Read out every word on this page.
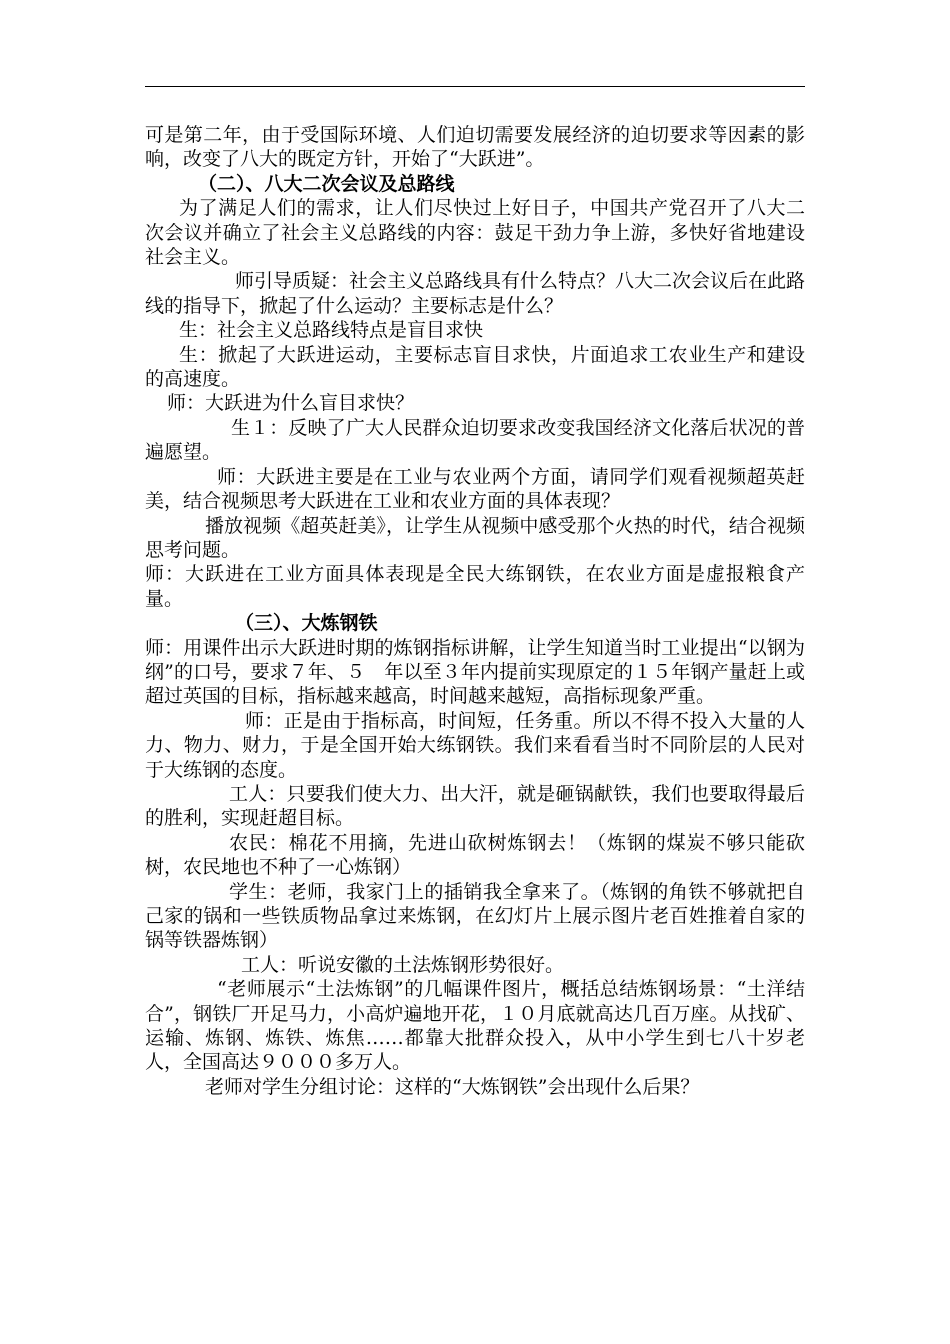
可是第二年，由于受国际环境、人们迫切需要发展经济的迫切要求等因素的影响，改变了八大的既定方针，开始了“大跃进”。

（二）、八大二次会议及总路线

为了满足人们的需求，让人们尽快过上好日子，中国共产党召开了八大二次会议并确立了社会主义总路线的内容：鼓足干劲力争上游，多快好省地建设社会主义。

师引导质疑：社会主义总路线具有什么特点？八大二次会议后在此路线的指导下，掀起了什么运动？主要标志是什么？

生：社会主义总路线特点是盲目求快

生：掀起了大跃进运动，主要标志盲目求快，片面追求工农业生产和建设的高速度。

师：大跃进为什么盲目求快？

生１：反映了广大人民群众迫切要求改变我国经济文化落后状况的普遍愿望。

师：大跃进主要是在工业与农业两个方面，请同学们观看视频超英赶美，结合视频思考大跃进在工业和农业方面的具体表现？

播放视频《超英赶美》，让学生从视频中感受那个火热的时代，结合视频思考问题。

师：大跃进在工业方面具体表现是全民大练钢铁，在农业方面是虚报粮食产量。

（三）、大炼钢铁

师：用课件出示大跃进时期的炼钢指标讲解，让学生知道当时工业提出“以钢为纲”的口号，要求７年、５　年以至３年内提前实现原定的１５年钢产量赶上或超过英国的目标，指标越来越高，时间越来越短，高指标现象严重。

师：正是由于指标高，时间短，任务重。所以不得不投入大量的人力、物力、财力，于是全国开始大练钢铁。我们来看看当时不同阶层的人民对于大练钢的态度。

工人：只要我们使大力、出大汗，就是砸锅献铁，我们也要取得最后的胜利，实现赶超目标。

农民：棉花不用摘，先进山砍树炼钢去！（炼钢的煤炭不够只能砍树，农民地也不种了一心炼钢）

学生：老师，我家门上的插销我全拿来了。（炼钢的角铁不够就把自己家的锅和一些铁质物品拿过来炼钢，在幻灯片上展示图片老百姓推着自家的锅等铁器炼钢）

工人：听说安徽的土法炼钢形势很好。

“老师展示“土法炼钢”的几幅课件图片，概括总结炼钢场景：“土洋结合”，钢铁厂开足马力，小高炉遍地开花，１０月底就高达几百万座。从找矿、运输、炼钢、炼铁、炼焦……都靠大批群众投入，从中小学生到七八十岁老人，全国高达９０００多万人。

老师对学生分组讨论：这样的“大炼钢铁”会出现什么后果？
